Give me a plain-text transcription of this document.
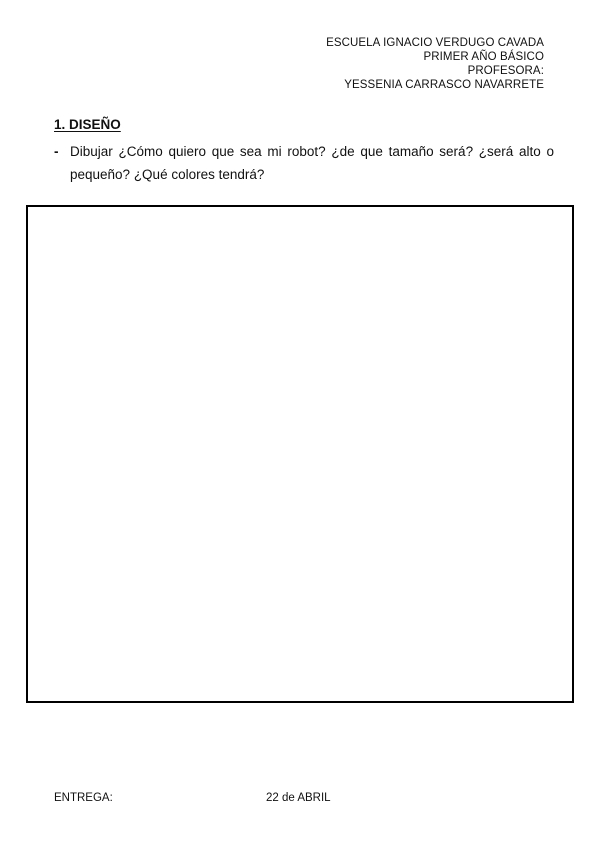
ESCUELA IGNACIO VERDUGO CAVADA
PRIMER AÑO BÁSICO
PROFESORA:
YESSENIA CARRASCO NAVARRETE
1. DISEÑO
- Dibujar ¿Cómo quiero que sea mi robot? ¿de que tamaño será? ¿será alto o pequeño? ¿Qué colores tendrá?
ENTREGA:	22 de ABRIL
